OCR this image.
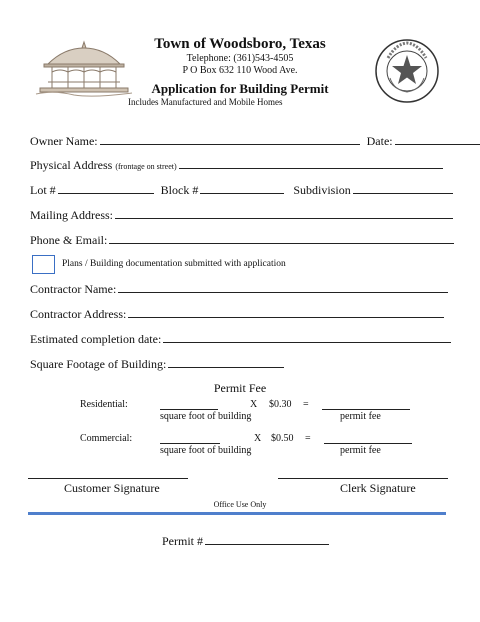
Town of Woodsboro, Texas
Telephone: (361)543-4505
P O Box 632 110 Wood Ave.
Application for Building Permit
Includes Manufactured and Mobile Homes
Owner Name:	Date:
Physical Address (frontage on street)
Lot #	Block #	Subdivision
Mailing Address:
Phone & Email:
Plans / Building documentation submitted with application
Contractor Name:
Contractor Address:
Estimated completion date:
Square Footage of Building:
Permit Fee
Residential:	X $0.30 =
square foot of building	permit fee
Commercial:	X $0.50 =
square foot of building	permit fee
Customer Signature	Clerk Signature
Office Use Only
Permit #
